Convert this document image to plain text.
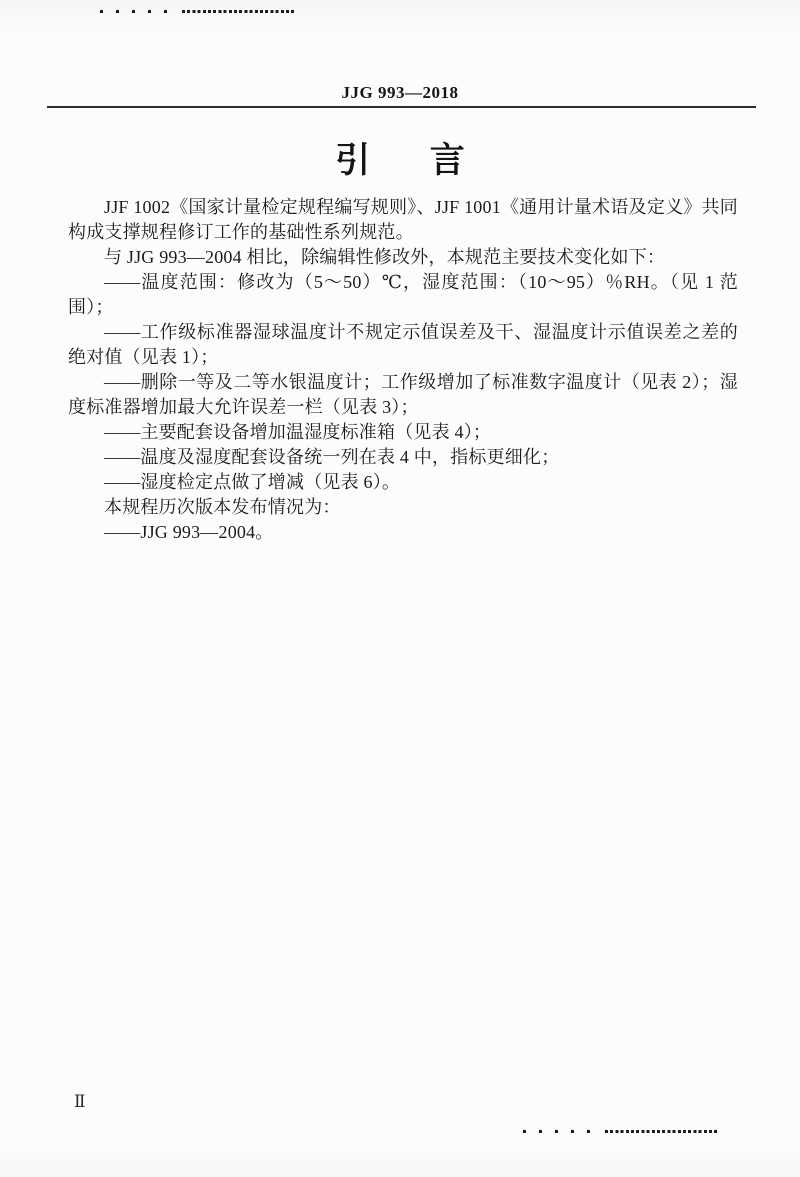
JJG 993—2018
引言

JJF 1002《国家计量检定规程编写规则》、JJF 1001《通用计量术语及定义》共同构成支撑规程修订工作的基础性系列规范。

与 JJG 993—2004 相比，除编辑性修改外，本规范主要技术变化如下：

——温度范围：修改为（5～50）℃，湿度范围：（10～95）％RH。（见 1 范围）；

——工作级标准器湿球温度计不规定示值误差及干、湿温度计示值误差之差的绝对值（见表 1）；

——删除一等及二等水银温度计；工作级增加了标准数字温度计（见表 2）；湿度标准器增加最大允许误差一栏（见表 3）；

——主要配套设备增加温湿度标准箱（见表 4）；

——温度及湿度配套设备统一列在表 4 中，指标更细化；

——湿度检定点做了增减（见表 6）。

本规程历次版本发布情况为：

——JJG 993—2004。

Ⅱ
